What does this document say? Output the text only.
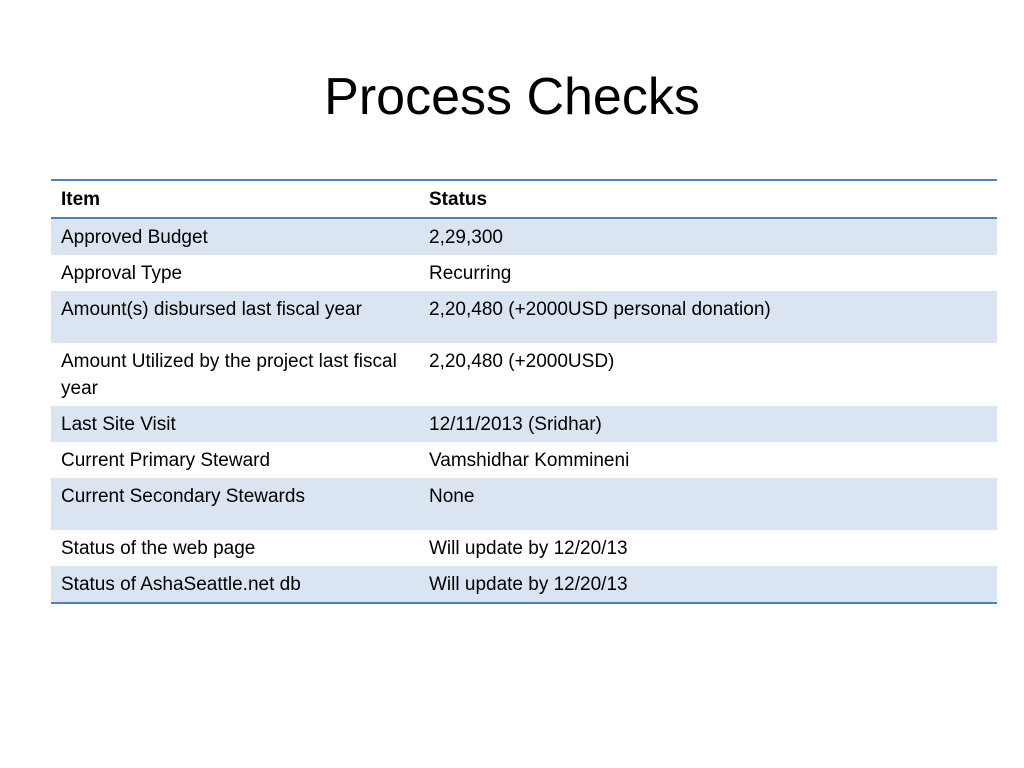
Process Checks
Item	Status
Approved Budget	2,29,300
Approval Type	Recurring
Amount(s) disbursed last fiscal year	2,20,480 (+2000USD personal donation)
Amount Utilized by the project last fiscal year	2,20,480 (+2000USD)
Last Site Visit	12/11/2013 (Sridhar)
Current Primary Steward	Vamshidhar Kommineni
Current Secondary Stewards	None
Status of the web page	Will update by 12/20/13
Status of AshaSeattle.net db	Will update by 12/20/13
